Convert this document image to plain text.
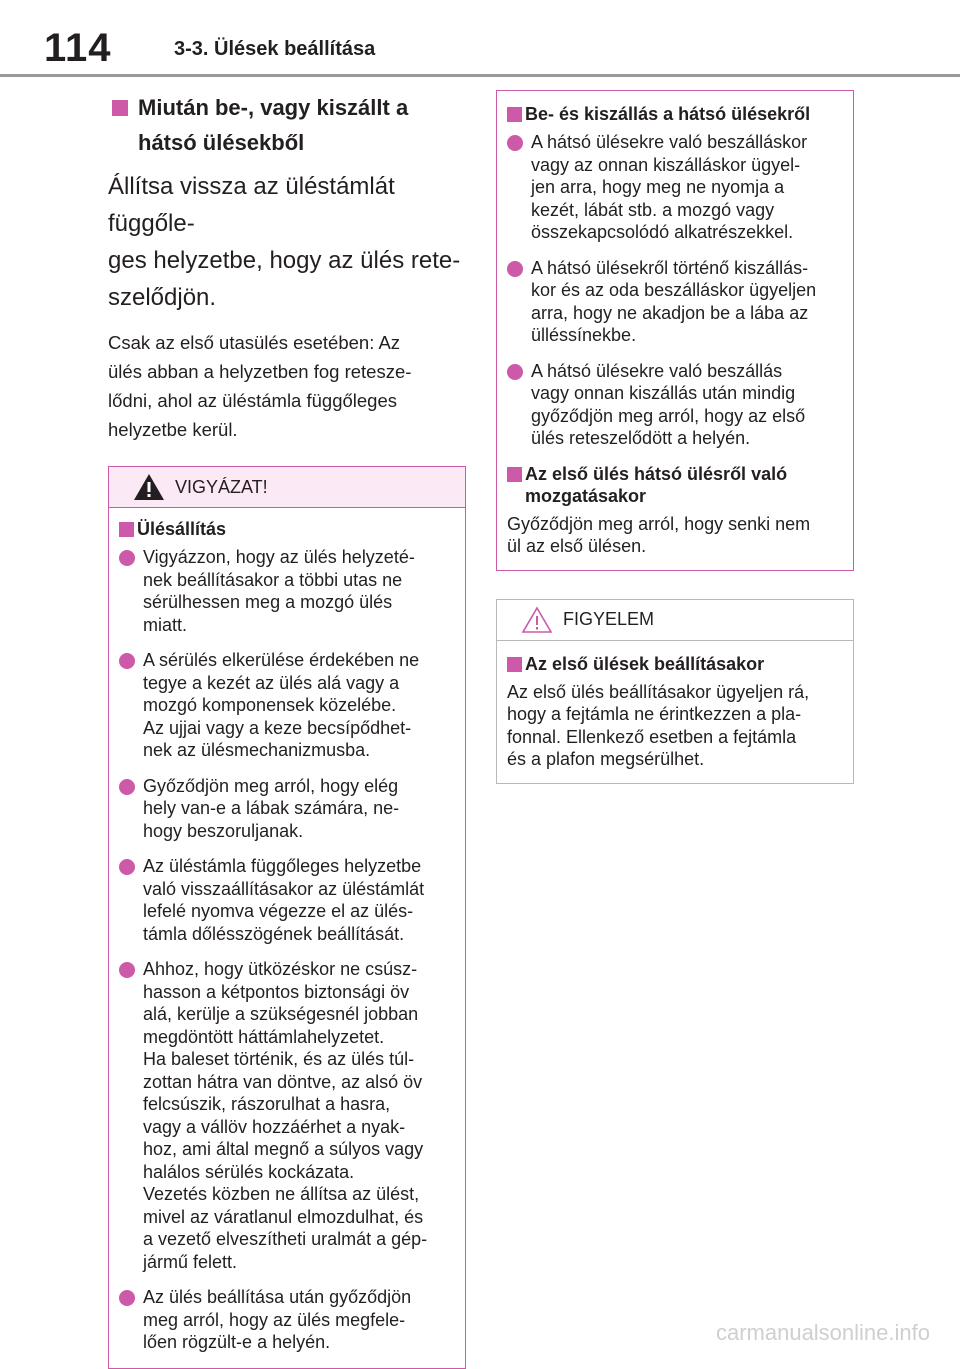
114	3-3. Ülések beállítása
Miután be-, vagy kiszállt a
hátsó ülésekből

Állítsa vissza az üléstámlát függőle-
ges helyzetbe, hogy az ülés rete-
szelődjön.

Csak az első utasülés esetében: Az
ülés abban a helyzetben fog retesze-
lődni, ahol az üléstámla függőleges
helyzetbe kerül.

VIGYÁZAT!
Ülésállítás
Vigyázzon, hogy az ülés helyzeté-
nek beállításakor a többi utas ne
sérülhessen meg a mozgó ülés
miatt.
A sérülés elkerülése érdekében ne
tegye a kezét az ülés alá vagy a
mozgó komponensek közelébe.
Az ujjai vagy a keze becsípődhet-
nek az ülésmechanizmusba.
Győződjön meg arról, hogy elég
hely van-e a lábak számára, ne-
hogy beszoruljanak.
Az üléstámla függőleges helyzetbe
való visszaállításakor az üléstámlát
lefelé nyomva végezze el az ülés-
támla dőlésszögének beállítását.
Ahhoz, hogy ütközéskor ne csúsz-
hasson a kétpontos biztonsági öv
alá, kerülje a szükségesnél jobban
megdöntött háttámlahelyzetet.
Ha baleset történik, és az ülés túl-
zottan hátra van döntve, az alsó öv
felcsúszik, rászorulhat a hasra,
vagy a vállöv hozzáérhet a nyak-
hoz, ami által megnő a súlyos vagy
halálos sérülés kockázata.
Vezetés közben ne állítsa az ülést,
mivel az váratlanul elmozdulhat, és
a vezető elveszítheti uralmát a gép-
jármű felett.
Az ülés beállítása után győződjön
meg arról, hogy az ülés megfele-
lően rögzült-e a helyén.
Be- és kiszállás a hátsó ülésekről
A hátsó ülésekre való beszálláskor
vagy az onnan kiszálláskor ügyel-
jen arra, hogy meg ne nyomja a
kezét, lábát stb. a mozgó vagy
összekapcsolódó alkatrészekkel.
A hátsó ülésekről történő kiszállás-
kor és az oda beszálláskor ügyeljen
arra, hogy ne akadjon be a lába az
ülléssínekbe.
A hátsó ülésekre való beszállás
vagy onnan kiszállás után mindig
győződjön meg arról, hogy az első
ülés reteszelődött a helyén.
Az első ülés hátsó ülésről való
mozgatásakor

Győződjön meg arról, hogy senki nem
ül az első ülésen.

FIGYELEM
Az első ülések beállításakor

Az első ülés beállításakor ügyeljen rá,
hogy a fejtámla ne érintkezzen a pla-
fonnal. Ellenkező esetben a fejtámla
és a plafon megsérülhet.

carmanualsonline.info
